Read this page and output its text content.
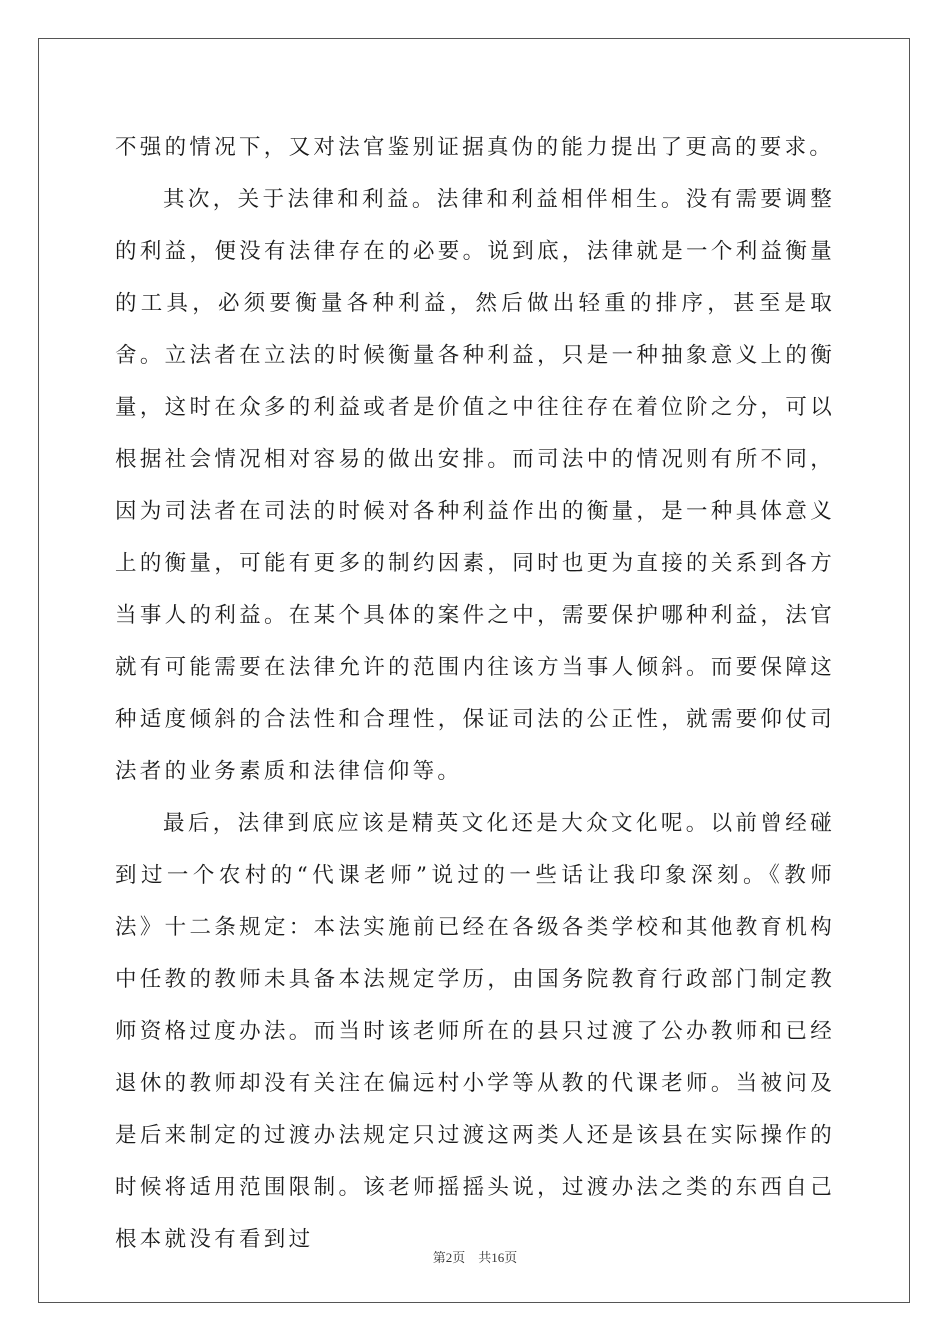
不强的情况下，又对法官鉴别证据真伪的能力提出了更高的要求。

其次，关于法律和利益。法律和利益相伴相生。没有需要调整的利益，便没有法律存在的必要。说到底，法律就是一个利益衡量的工具，必须要衡量各种利益，然后做出轻重的排序，甚至是取舍。立法者在立法的时候衡量各种利益，只是一种抽象意义上的衡量，这时在众多的利益或者是价值之中往往存在着位阶之分，可以根据社会情况相对容易的做出安排。而司法中的情况则有所不同，因为司法者在司法的时候对各种利益作出的衡量，是一种具体意义上的衡量，可能有更多的制约因素，同时也更为直接的关系到各方当事人的利益。在某个具体的案件之中，需要保护哪种利益，法官就有可能需要在法律允许的范围内往该方当事人倾斜。而要保障这种适度倾斜的合法性和合理性，保证司法的公正性，就需要仰仗司法者的业务素质和法律信仰等。

最后，法律到底应该是精英文化还是大众文化呢。以前曾经碰到过一个农村的“代课老师”说过的一些话让我印象深刻。《教师法》十二条规定：本法实施前已经在各级各类学校和其他教育机构中任教的教师未具备本法规定学历，由国务院教育行政部门制定教师资格过度办法。而当时该老师所在的县只过渡了公办教师和已经退休的教师却没有关注在偏远村小学等从教的代课老师。当被问及是后来制定的过渡办法规定只过渡这两类人还是该县在实际操作的时候将适用范围限制。该老师摇摇头说，过渡办法之类的东西自己根本就没有看到过

第2页　共16页
